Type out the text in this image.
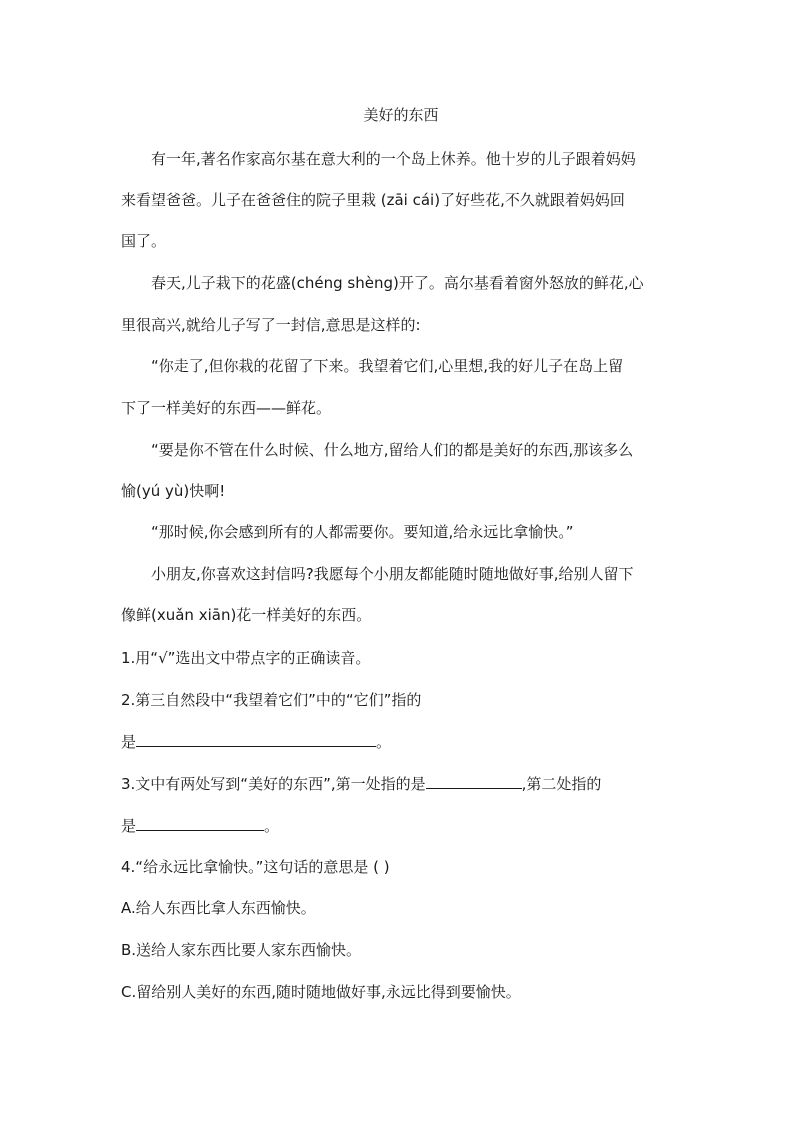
美好的东西
有一年,著名作家高尔基在意大利的一个岛上休养。他十岁的儿子跟着妈妈
来看望爸爸。儿子在爸爸住的院子里栽 (zāi cái)了好些花,不久就跟着妈妈回
国了。
春天,儿子栽下的花盛(chéng shèng)开了。高尔基看着窗外怒放的鲜花,心
里很高兴,就给儿子写了一封信,意思是这样的:
“你走了,但你栽的花留了下来。我望着它们,心里想,我的好儿子在岛上留
下了一样美好的东西——鲜花。
“要是你不管在什么时候、什么地方,留给人们的都是美好的东西,那该多么
愉(yú yù)快啊!
“那时候,你会感到所有的人都需要你。要知道,给永远比拿愉快。”
小朋友,你喜欢这封信吗?我愿每个小朋友都能随时随地做好事,给别人留下
像鲜(xuǎn xiān)花一样美好的东西。
1.用“√”选出文中带点字的正确读音。
2.第三自然段中“我望着它们”中的“它们”指的
是	。
3.文中有两处写到“美好的东西”,第一处指的是	,第二处指的
是	。
4.“给永远比拿愉快。”这句话的意思是 ( )
A.给人东西比拿人东西愉快。
B.送给人家东西比要人家东西愉快。
C.留给别人美好的东西,随时随地做好事,永远比得到要愉快。
